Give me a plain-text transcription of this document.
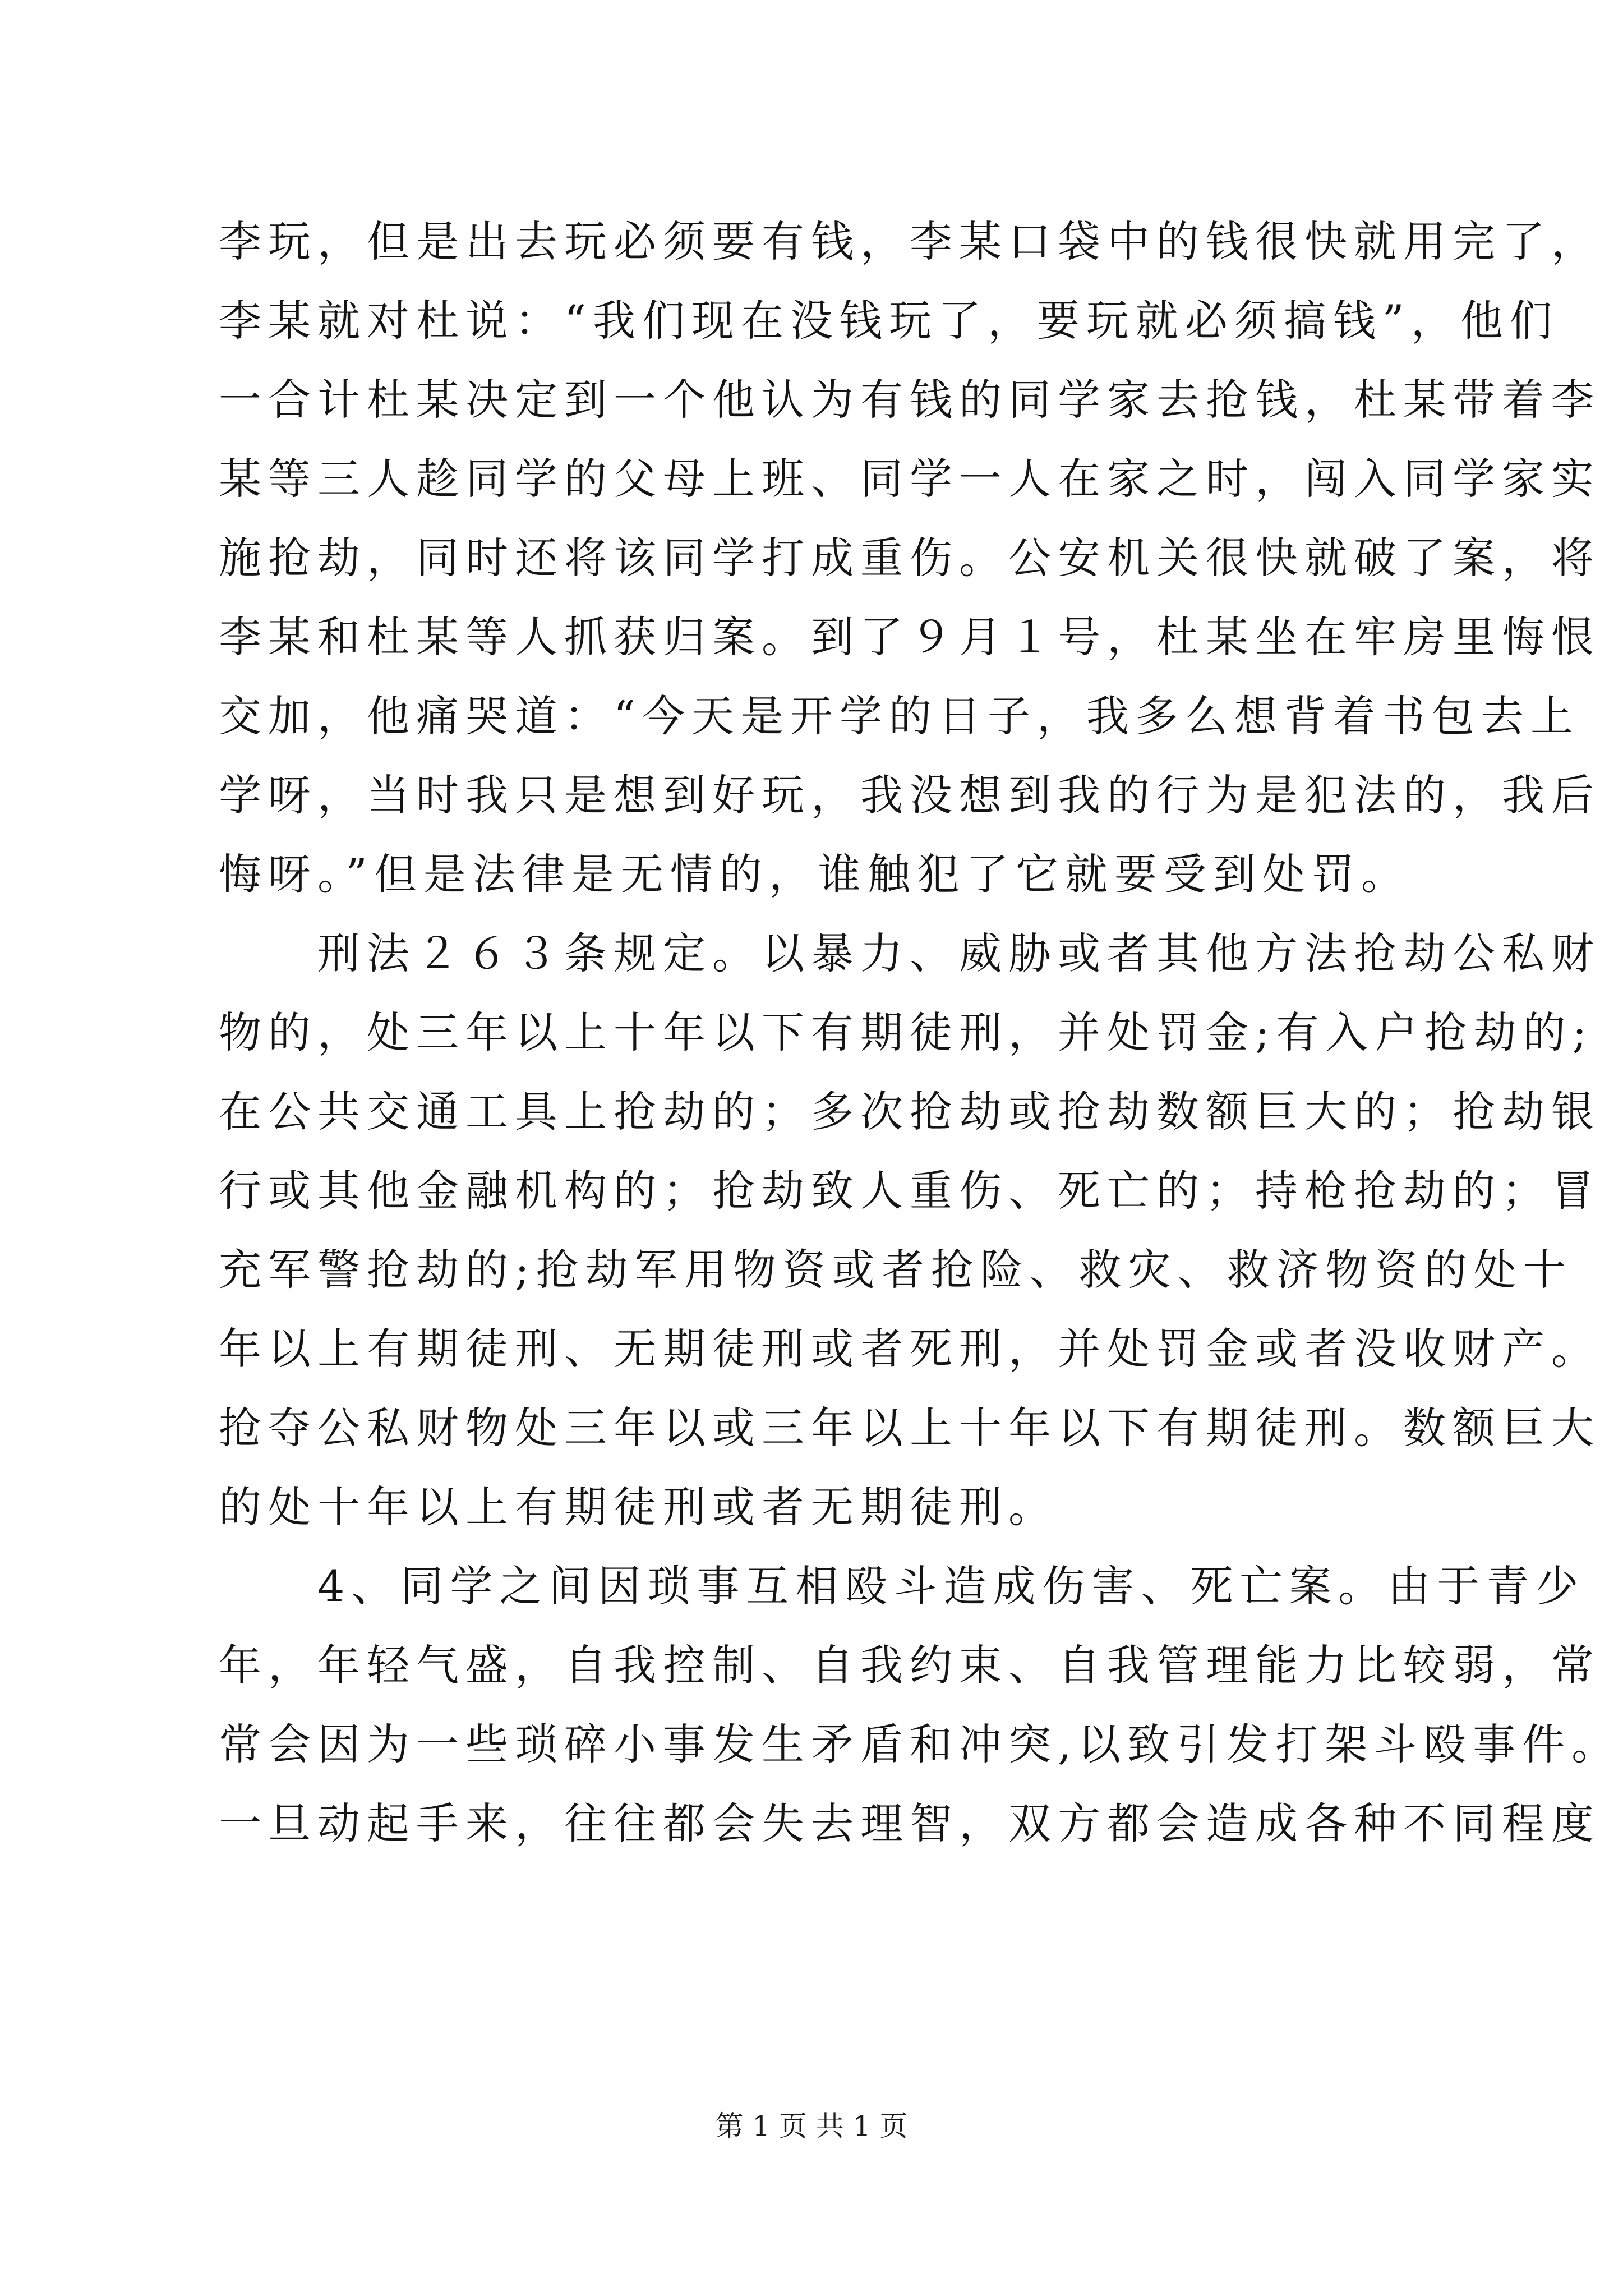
李玩，但是出去玩必须要有钱，李某口袋中的钱很快就用完了，
李某就对杜说：“我们现在没钱玩了，要玩就必须搞钱”，他们
一合计杜某决定到一个他认为有钱的同学家去抢钱，杜某带着李
某等三人趁同学的父母上班、同学一人在家之时，闯入同学家实
施抢劫，同时还将该同学打成重伤。公安机关很快就破了案，将
李某和杜某等人抓获归案。到了９月１号，杜某坐在牢房里悔恨
交加，他痛哭道：“今天是开学的日子，我多么想背着书包去上
学呀，当时我只是想到好玩，我没想到我的行为是犯法的，我后
悔呀。”但是法律是无情的，谁触犯了它就要受到处罚。
　　刑法２６３条规定。以暴力、威胁或者其他方法抢劫公私财
物的，处三年以上十年以下有期徒刑，并处罚金;有入户抢劫的;
在公共交通工具上抢劫的；多次抢劫或抢劫数额巨大的；抢劫银
行或其他金融机构的；抢劫致人重伤、死亡的；持枪抢劫的；冒
充军警抢劫的;抢劫军用物资或者抢险、救灾、救济物资的处十
年以上有期徒刑、无期徒刑或者死刑，并处罚金或者没收财产。
抢夺公私财物处三年以或三年以上十年以下有期徒刑。数额巨大
的处十年以上有期徒刑或者无期徒刑。
　　4、同学之间因琐事互相殴斗造成伤害、死亡案。由于青少
年，年轻气盛，自我控制、自我约束、自我管理能力比较弱，常
常会因为一些琐碎小事发生矛盾和冲突,以致引发打架斗殴事件。
一旦动起手来，往往都会失去理智，双方都会造成各种不同程度
第 1 页 共 1 页
